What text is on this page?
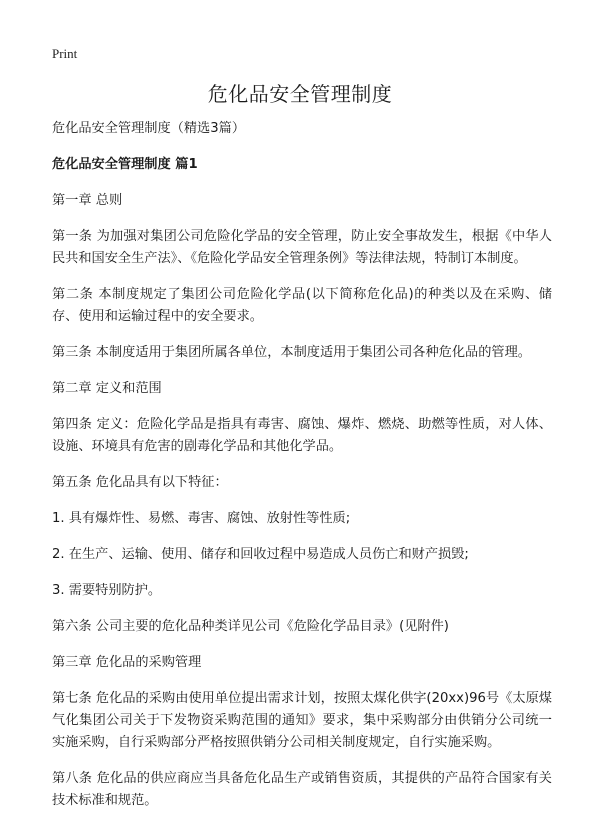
Print
危化品安全管理制度

危化品安全管理制度（精选3篇）

危化品安全管理制度 篇1

第一章 总则

第一条 为加强对集团公司危险化学品的安全管理，防止安全事故发生，根据《中华人民共和国安全生产法》、《危险化学品安全管理条例》等法律法规，特制订本制度。

第二条 本制度规定了集团公司危险化学品(以下简称危化品)的种类以及在采购、储存、使用和运输过程中的安全要求。

第三条 本制度适用于集团所属各单位，本制度适用于集团公司各种危化品的管理。

第二章 定义和范围

第四条 定义：危险化学品是指具有毒害、腐蚀、爆炸、燃烧、助燃等性质，对人体、设施、环境具有危害的剧毒化学品和其他化学品。

第五条 危化品具有以下特征：

1. 具有爆炸性、易燃、毒害、腐蚀、放射性等性质;

2. 在生产、运输、使用、储存和回收过程中易造成人员伤亡和财产损毁;

3. 需要特别防护。

第六条 公司主要的危化品种类详见公司《危险化学品目录》(见附件)

第三章 危化品的采购管理

第七条 危化品的采购由使用单位提出需求计划，按照太煤化供字(20xx)96号《太原煤气化集团公司关于下发物资采购范围的通知》要求，集中采购部分由供销分公司统一实施采购，自行采购部分严格按照供销分公司相关制度规定，自行实施采购。

第八条 危化品的供应商应当具备危化品生产或销售资质，其提供的产品符合国家有关技术标准和规范。
